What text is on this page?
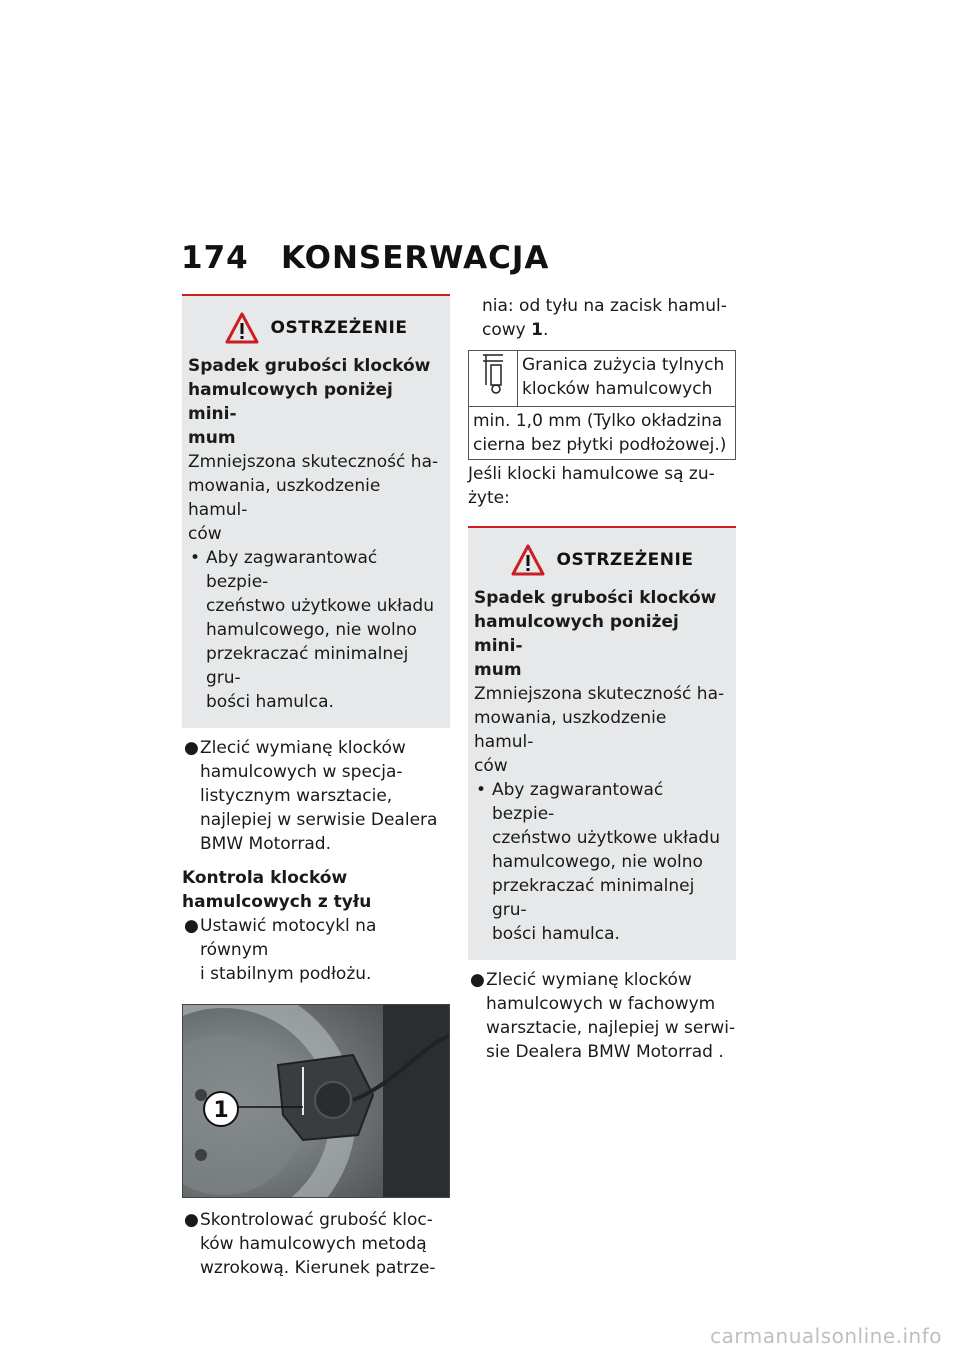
174 KONSERWACJA
OSTRZEŻENIE

Spadek grubości klocków
hamulcowych poniżej mini-
mum

Zmniejszona skuteczność ha-
mowania, uszkodzenie hamul-
ców

• Aby zagwarantować bezpie-
czeństwo użytkowe układu
hamulcowego, nie wolno
przekraczać minimalnej gru-
bości hamulca.

● Zlecić wymianę klocków
hamulcowych w specja-
listycznym warsztacie,
najlepiej w serwisie Dealera
BMW Motorrad.

Kontrola klocków
hamulcowych z tyłu

● Ustawić motocykl na równym
i stabilnym podłożu.

1

● Skontrolować grubość kloc-
ków hamulcowych metodą
wzrokową. Kierunek patrze-

nia: od tyłu na zacisk hamul-
cowy 1.

	Granica zużycia tylnych
klocków hamulcowych
min. 1,0 mm (Tylko okładzina
cierna bez płytki podłożowej.)

Jeśli klocki hamulcowe są zu-
żyte:

OSTRZEŻENIE

Spadek grubości klocków
hamulcowych poniżej mini-
mum

Zmniejszona skuteczność ha-
mowania, uszkodzenie hamul-
ców

• Aby zagwarantować bezpie-
czeństwo użytkowe układu
hamulcowego, nie wolno
przekraczać minimalnej gru-
bości hamulca.

● Zlecić wymianę klocków
hamulcowych w fachowym
warsztacie, najlepiej w serwi-
sie Dealera BMW Motorrad .

carmanualsonline.info
